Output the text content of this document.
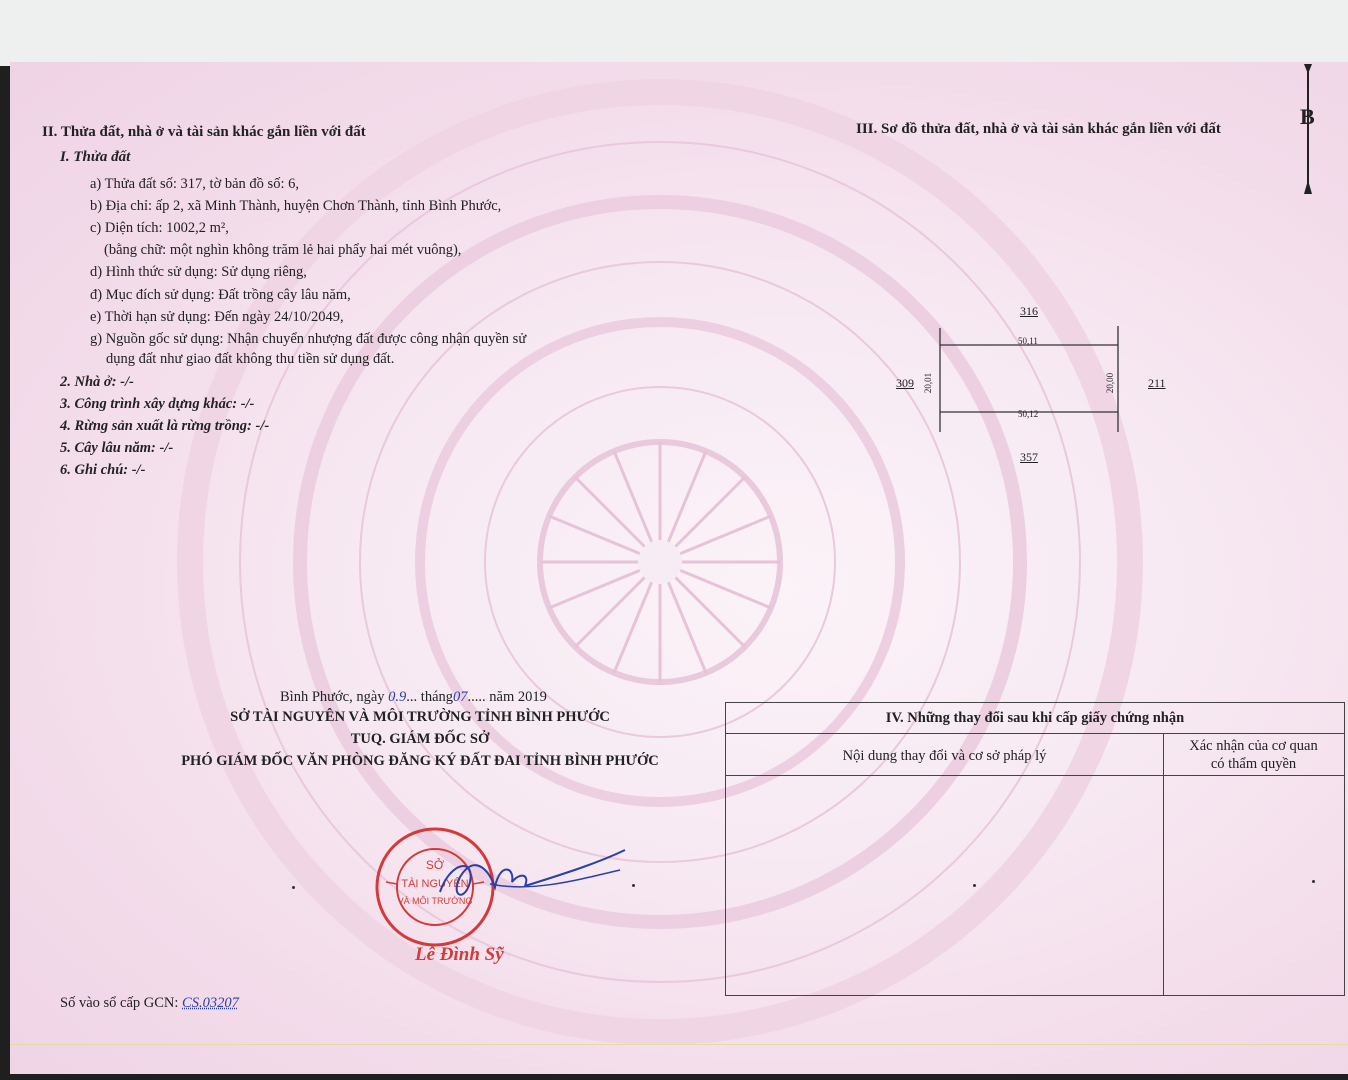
II. Thửa đất, nhà ở và tài sản khác gắn liền với đất
I. Thửa đất
a) Thửa đất số: 317, tờ bản đồ số: 6,
b) Địa chỉ: ấp 2, xã Minh Thành, huyện Chơn Thành, tỉnh Bình Phước,
c) Diện tích: 1002,2 m²,
(bằng chữ: một nghìn không trăm lẻ hai phẩy hai mét vuông),
d) Hình thức sử dụng: Sử dụng riêng,
đ) Mục đích sử dụng: Đất trồng cây lâu năm,
e) Thời hạn sử dụng: Đến ngày 24/10/2049,
g) Nguồn gốc sử dụng: Nhận chuyển nhượng đất được công nhận quyền sử
dụng đất như giao đất không thu tiền sử dụng đất.
2. Nhà ở: -/-
3. Công trình xây dựng khác: -/-
4. Rừng sản xuất là rừng trồng: -/-
5. Cây lâu năm: -/-
6. Ghi chú: -/-
III. Sơ đồ thửa đất, nhà ở và tài sản khác gắn liền với đất	B
316
309	211
357
50,11
50,12
20,01	20,00
Bình Phước, ngày 0.9... tháng07..... năm 2019
SỞ TÀI NGUYÊN VÀ MÔI TRƯỜNG TỈNH BÌNH PHƯỚC
TUQ. GIÁM ĐỐC SỞ
PHÓ GIÁM ĐỐC VĂN PHÒNG ĐĂNG KÝ ĐẤT ĐAI TỈNH BÌNH PHƯỚC
SỞ
TÀI NGUYÊN
VÀ MÔI TRƯỜNG
Lê Đình Sỹ
Số vào sổ cấp GCN: CS.03207
IV. Những thay đổi sau khi cấp giấy chứng nhận
Nội dung thay đổi và cơ sở pháp lý
Xác nhận của cơ quan
có thẩm quyền
